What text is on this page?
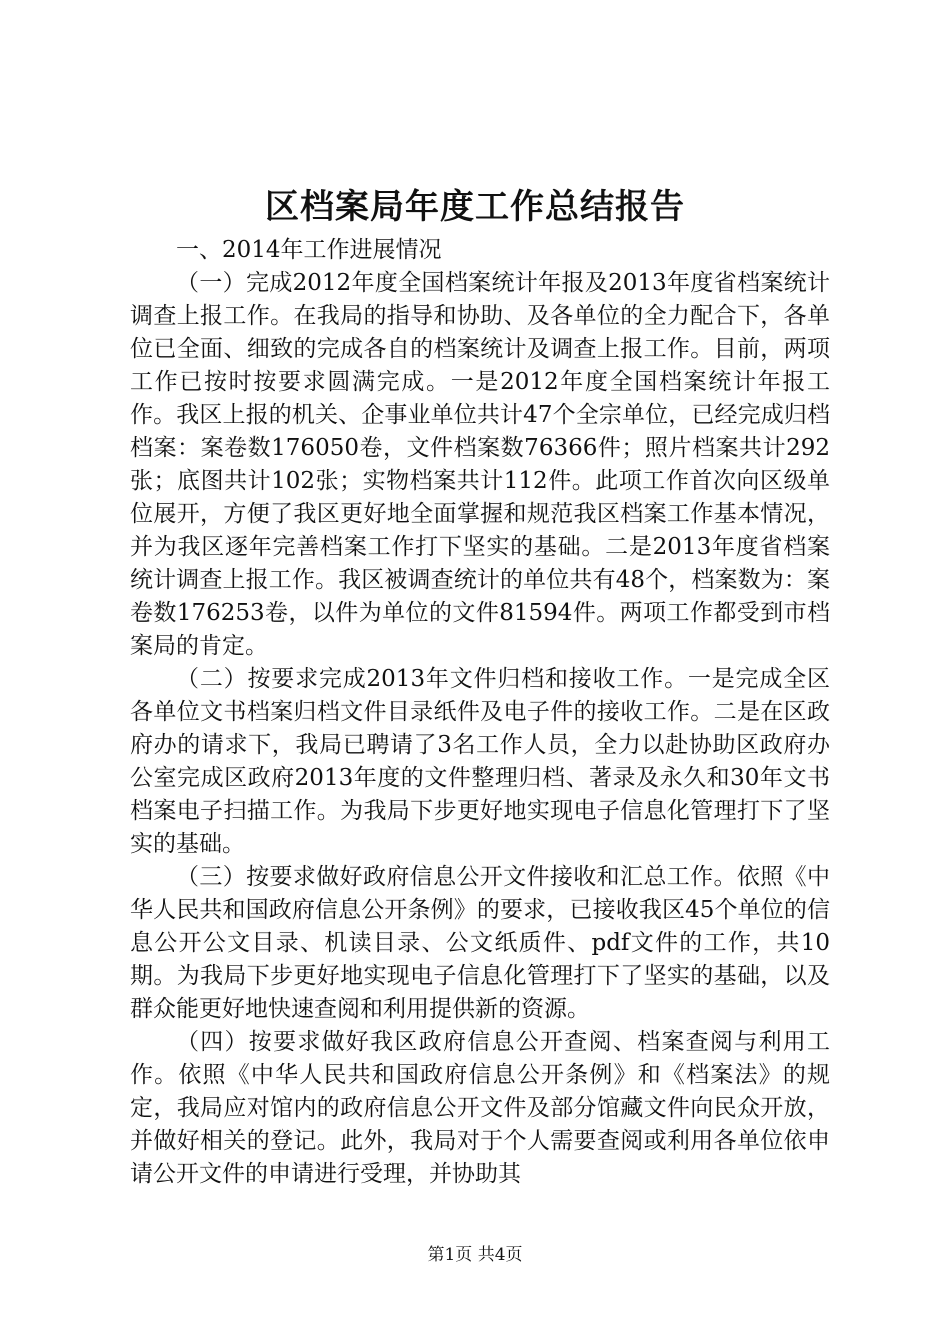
区档案局年度工作总结报告

一、2014年工作进展情况

（一）完成2012年度全国档案统计年报及2013年度省档案统计调查上报工作。在我局的指导和协助、及各单位的全力配合下，各单位已全面、细致的完成各自的档案统计及调查上报工作。目前，两项工作已按时按要求圆满完成。一是2012年度全国档案统计年报工作。我区上报的机关、企事业单位共计47个全宗单位，已经完成归档档案：案卷数176050卷，文件档案数76366件；照片档案共计292张；底图共计102张；实物档案共计112件。此项工作首次向区级单位展开，方便了我区更好地全面掌握和规范我区档案工作基本情况，并为我区逐年完善档案工作打下坚实的基础。二是2013年度省档案统计调查上报工作。我区被调查统计的单位共有48个，档案数为：案卷数176253卷，以件为单位的文件81594件。两项工作都受到市档案局的肯定。

（二）按要求完成2013年文件归档和接收工作。一是完成全区各单位文书档案归档文件目录纸件及电子件的接收工作。二是在区政府办的请求下，我局已聘请了3名工作人员，全力以赴协助区政府办公室完成区政府2013年度的文件整理归档、著录及永久和30年文书档案电子扫描工作。为我局下步更好地实现电子信息化管理打下了坚实的基础。

（三）按要求做好政府信息公开文件接收和汇总工作。依照《中华人民共和国政府信息公开条例》的要求，已接收我区45个单位的信息公开公文目录、机读目录、公文纸质件、pdf文件的工作，共10期。为我局下步更好地实现电子信息化管理打下了坚实的基础，以及群众能更好地快速查阅和利用提供新的资源。

（四）按要求做好我区政府信息公开查阅、档案查阅与利用工作。依照《中华人民共和国政府信息公开条例》和《档案法》的规定，我局应对馆内的政府信息公开文件及部分馆藏文件向民众开放，并做好相关的登记。此外，我局对于个人需要查阅或利用各单位依申请公开文件的申请进行受理，并协助其

第1页 共4页
